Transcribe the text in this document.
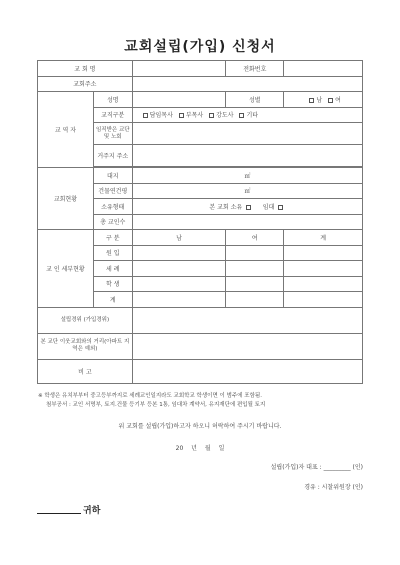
교회설립(가입) 신청서
교 회 명			전화번호	
교회주소				
교 역 자	성명		성별	남 여
	교직구분	담임목사 부목사 강도사 기타		
	임직받은 교단 및 노회			
	거주지 주소			

교회현황	대지	㎡		
	건물연건평	㎡		
	소유형태	본 교회 소유 임대		
	총 교인수			
교 인 세부현황	구 분	남	여	계
	원 입			
	세 례			
	학 생			
	계			
설립경위 (가입경위)				
본 교단 이웃교회와의 거리(아파트 지역은 예외)				
비 고				
※ 학생은 유치부부터 중고등부까지로 세례교인일지라도 교회학교 학생이면 이 범주에 포함됨.
첨부공서 : 교인 서명부, 토지.건물 등기부 등본 1통, 임대차 계약서, 유지재단에 편입될 토지
위 교회를 설립(가입)하고자 하오니 허락하여 주시기 바랍니다.
20 년 월 일
설립(가입)자 대표 : _________ (인)
경유 : 시찰위원장 (인)
귀하
